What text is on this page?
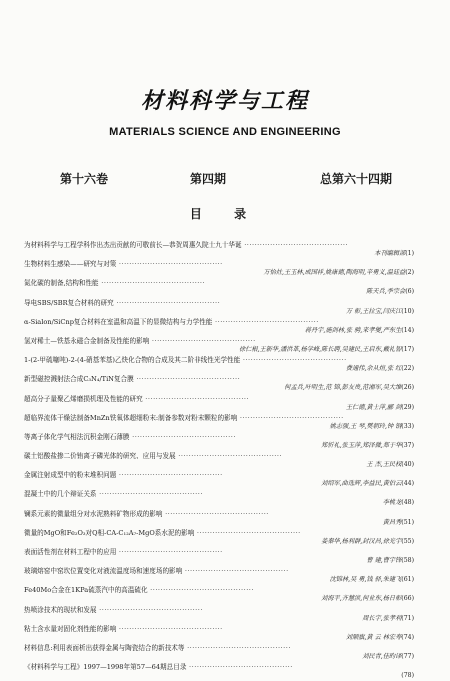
材料科学与工程
MATERIALS SCIENCE AND ENGINEERING
第十六卷	第四期	总第六十四期
目 录
为材料科学与工程学科作出杰出贡献的可敬前长—恭贺周惠久院士九十华诞 ········································
本刊编辑部(1)
生物材料生感染——研究与对策 ········································
万怡灶,王玉林,成国祥,姚康德,陶海明,辛勇义,温廷益(2)
氮化碳的制备,结构和性能 ········································
陈天兵,季宗会(6)
导电SBS/SBR复合材料的研究 ········································
万 彰,王拉宝,闫庆江(10)
α-Sialon/SiCnp复合材料在室温和高温下的显微结构与力学性能 ········································
蒋丹宇,施剑林,张 骋,来孝燮,严东生(14)
氢对稀土—铁基永磁合金制备及性能的影响 ········································
徐仁根,王新华,潘洪革,杨学峰,陈长聘,吴建民,王启东,戴礼智(17)
1-(2-甲硫噻吨)-2-(4-硝基苯基)乙炔化合物的合成及其二阶非线性光学性能 ········································
费通伟,余从煊,张 红(22)
新型磁控溅射法合成C₃N₄/TiN复合膜 ········································
何孟兵,叶明生,范 锦,彭友贵,范湘军,吴大维(26)
超高分子量聚乙烯磨损机理及性能的研究 ········································
王仁德,黄士萍,郦 剑(29)
超临界流体干燥法制备MnZn铁氧体超细粉末:制备参数对粉末颗粒的影响 ········································
姚志强,王 琴,樊朝玲,钟 钢(33)
等离子体化学气相法沉积金刚石薄膜 ········································
郑忻礼,张玉萍,郑泽微,郑于华(37)
碳土铝酸盐掺二价铕离子磷光体的研究、应用与发展 ········································
王 杰,王民权(40)
金属注射成型中的粉末堆积问题 ········································
刘绍军,曲选辉,李益民,黄伯云(44)
混凝土中的几个辩证关系 ········································
李桃龙(48)
镧系元素的微量组分对水泥熟料矿物形成的影响 ········································
黄昌秀(51)
微量的MgO和Fe₂O₃对Q相-CA-C₁₂A₇-MgO系水泥的影响 ········································
姜秦华,杨利群,封汉昌,徐光宇(55)
表面活性剂在材料工程中的应用 ········································
曹 建,曹宇锋(58)
玻璃熔窑中窑坎位置变化对液流温度场和速度场的影响 ········································
沈锦林,吴 勇,钱 驿,朱建飞(61)
Fe40Mo合金在1KPa硫蒸汽中的高温硫化 ········································
刘海平,齐慧滨,何业东,杨日彰(66)
热喷涂技术的现状和发展 ········································
周长宇,张孝利(71)
粘土含水量对固化剂性能的影响 ········································
刘顺旗,黄 云 林宏寿(74)
材料信息:利用表面析出获得金属与陶瓷结合的新技术等 ········································
刘民青,佳旳译(77)
《材料科学与工程》1997—1998年第57—64期总目录 ········································
(78)
